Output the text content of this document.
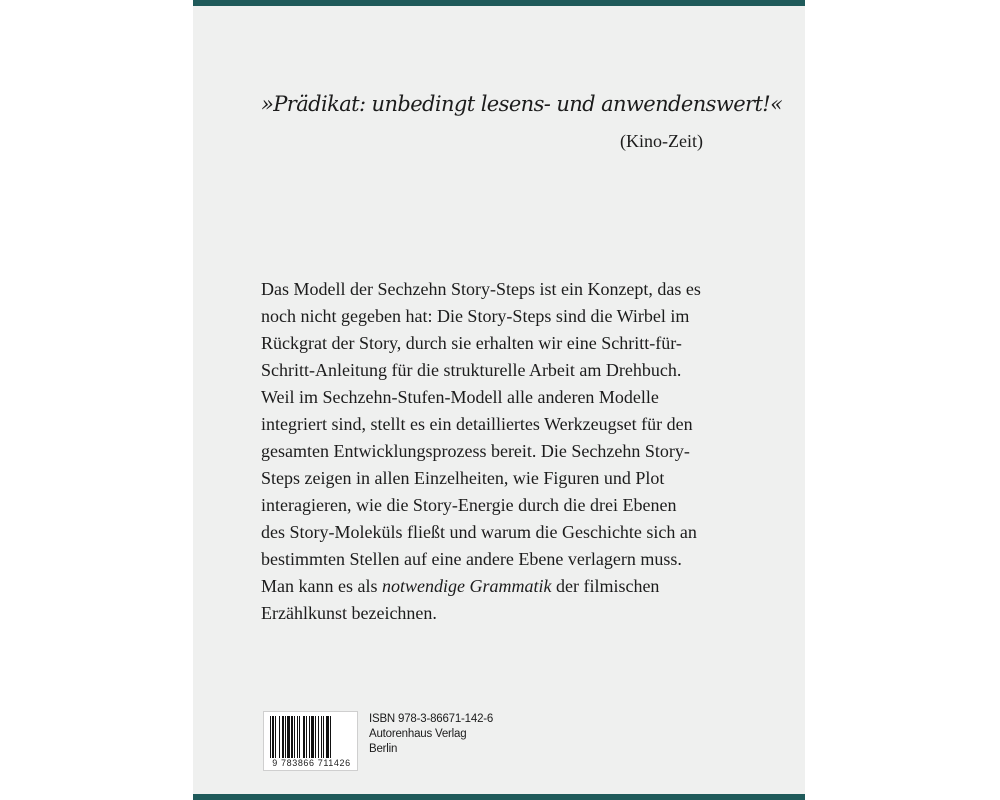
»Prädikat: unbedingt lesens- und anwendenswert!«
(Kino-Zeit)
Das Modell der Sechzehn Story-Steps ist ein Konzept, das es
noch nicht gegeben hat: Die Story-Steps sind die Wirbel im
Rückgrat der Story, durch sie erhalten wir eine Schritt-für-
Schritt-Anleitung für die strukturelle Arbeit am Drehbuch.
Weil im Sechzehn-Stufen-Modell alle anderen Modelle
integriert sind, stellt es ein detailliertes Werkzeugset für den
gesamten Entwicklungsprozess bereit. Die Sechzehn Story-
Steps zeigen in allen Einzelheiten, wie Figuren und Plot
interagieren, wie die Story-Energie durch die drei Ebenen
des Story-Moleküls fließt und warum die Geschichte sich an
bestimmten Stellen auf eine andere Ebene verlagern muss.
Man kann es als notwendige Grammatik der filmischen
Erzählkunst bezeichnen.
9 783866 711426
ISBN 978-3-86671-142-6
Autorenhaus Verlag
Berlin
